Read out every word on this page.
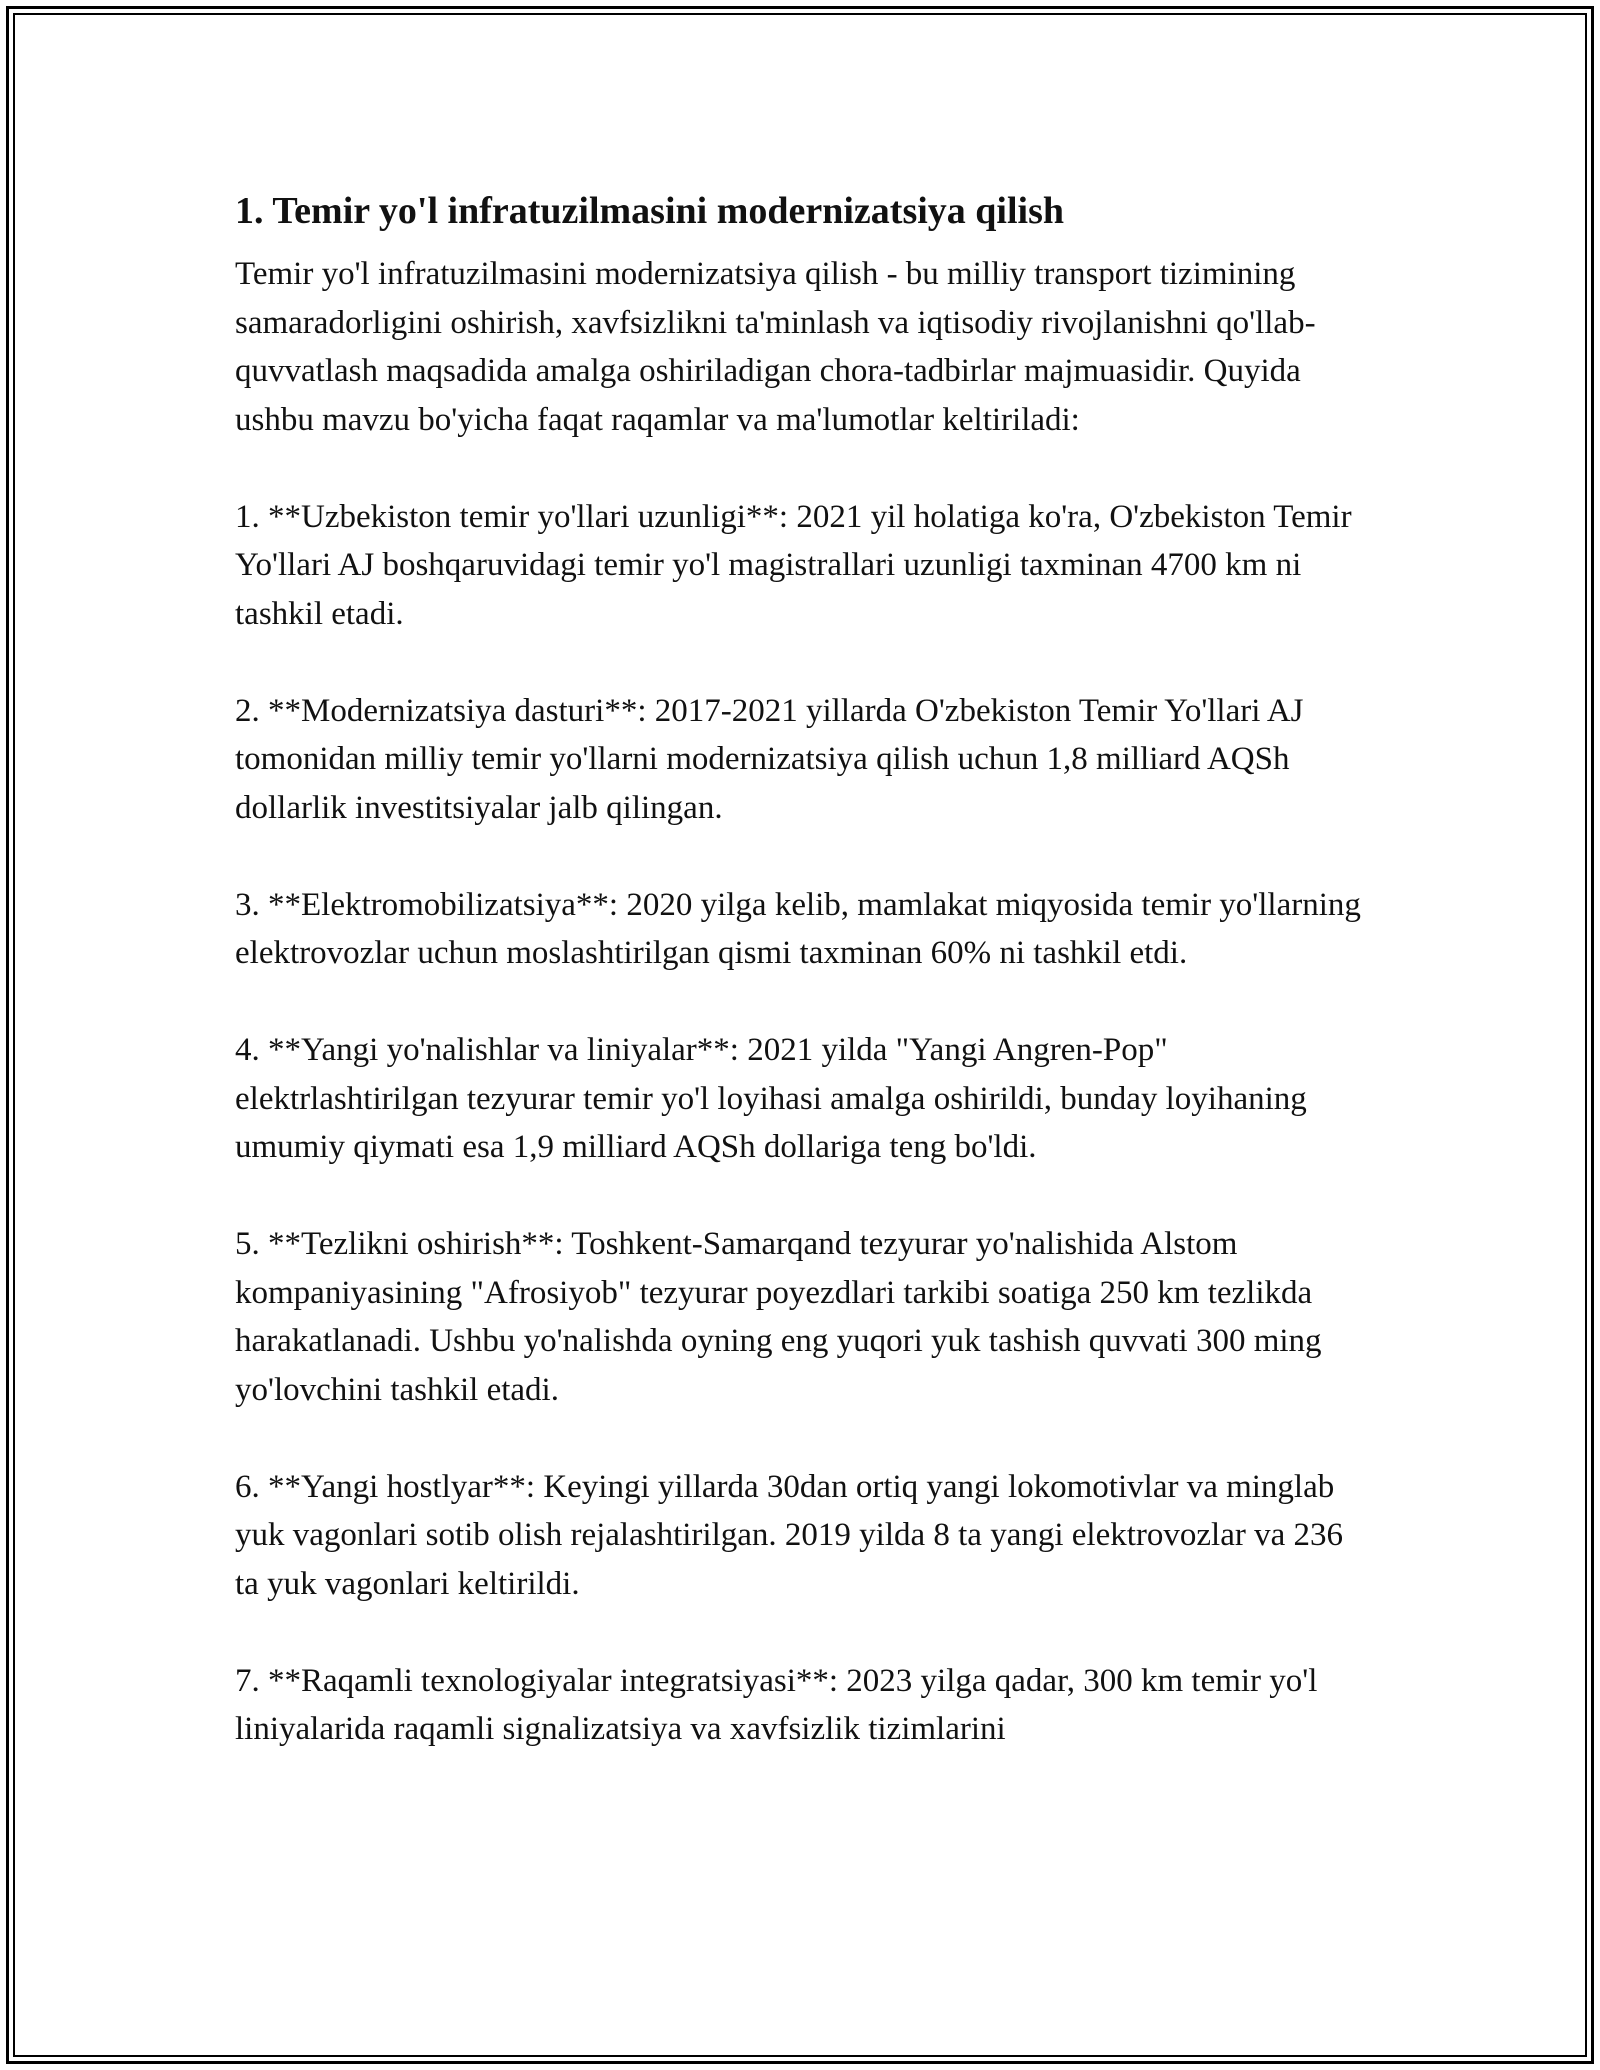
1. Temir yo'l infratuzilmasini modernizatsiya qilish

Temir yo'l infratuzilmasini modernizatsiya qilish - bu milliy transport tizimining samaradorligini oshirish, xavfsizlikni ta'minlash va iqtisodiy rivojlanishni qo'llab-quvvatlash maqsadida amalga oshiriladigan chora-tadbirlar majmuasidir. Quyida ushbu mavzu bo'yicha faqat raqamlar va ma'lumotlar keltiriladi:

1. **Uzbekiston temir yo'llari uzunligi**: 2021 yil holatiga ko'ra, O'zbekiston Temir Yo'llari AJ boshqaruvidagi temir yo'l magistrallari uzunligi taxminan 4700 km ni tashkil etadi.

2. **Modernizatsiya dasturi**: 2017-2021 yillarda O'zbekiston Temir Yo'llari AJ tomonidan milliy temir yo'llarni modernizatsiya qilish uchun 1,8 milliard AQSh dollarlik investitsiyalar jalb qilingan.

3. **Elektromobilizatsiya**: 2020 yilga kelib, mamlakat miqyosida temir yo'llarning elektrovozlar uchun moslashtirilgan qismi taxminan 60% ni tashkil etdi.

4. **Yangi yo'nalishlar va liniyalar**: 2021 yilda "Yangi Angren-Pop" elektrlashtirilgan tezyurar temir yo'l loyihasi amalga oshirildi, bunday loyihaning umumiy qiymati esa 1,9 milliard AQSh dollariga teng bo'ldi.

5. **Tezlikni oshirish**: Toshkent-Samarqand tezyurar yo'nalishida Alstom kompaniyasining "Afrosiyob" tezyurar poyezdlari tarkibi soatiga 250 km tezlikda harakatlanadi. Ushbu yo'nalishda oyning eng yuqori yuk tashish quvvati 300 ming yo'lovchini tashkil etadi.

6. **Yangi hostlyar**: Keyingi yillarda 30dan ortiq yangi lokomotivlar va minglab yuk vagonlari sotib olish rejalashtirilgan. 2019 yilda 8 ta yangi elektrovozlar va 236 ta yuk vagonlari keltirildi.

7. **Raqamli texnologiyalar integratsiyasi**: 2023 yilga qadar, 300 km temir yo'l liniyalarida raqamli signalizatsiya va xavfsizlik tizimlarini
